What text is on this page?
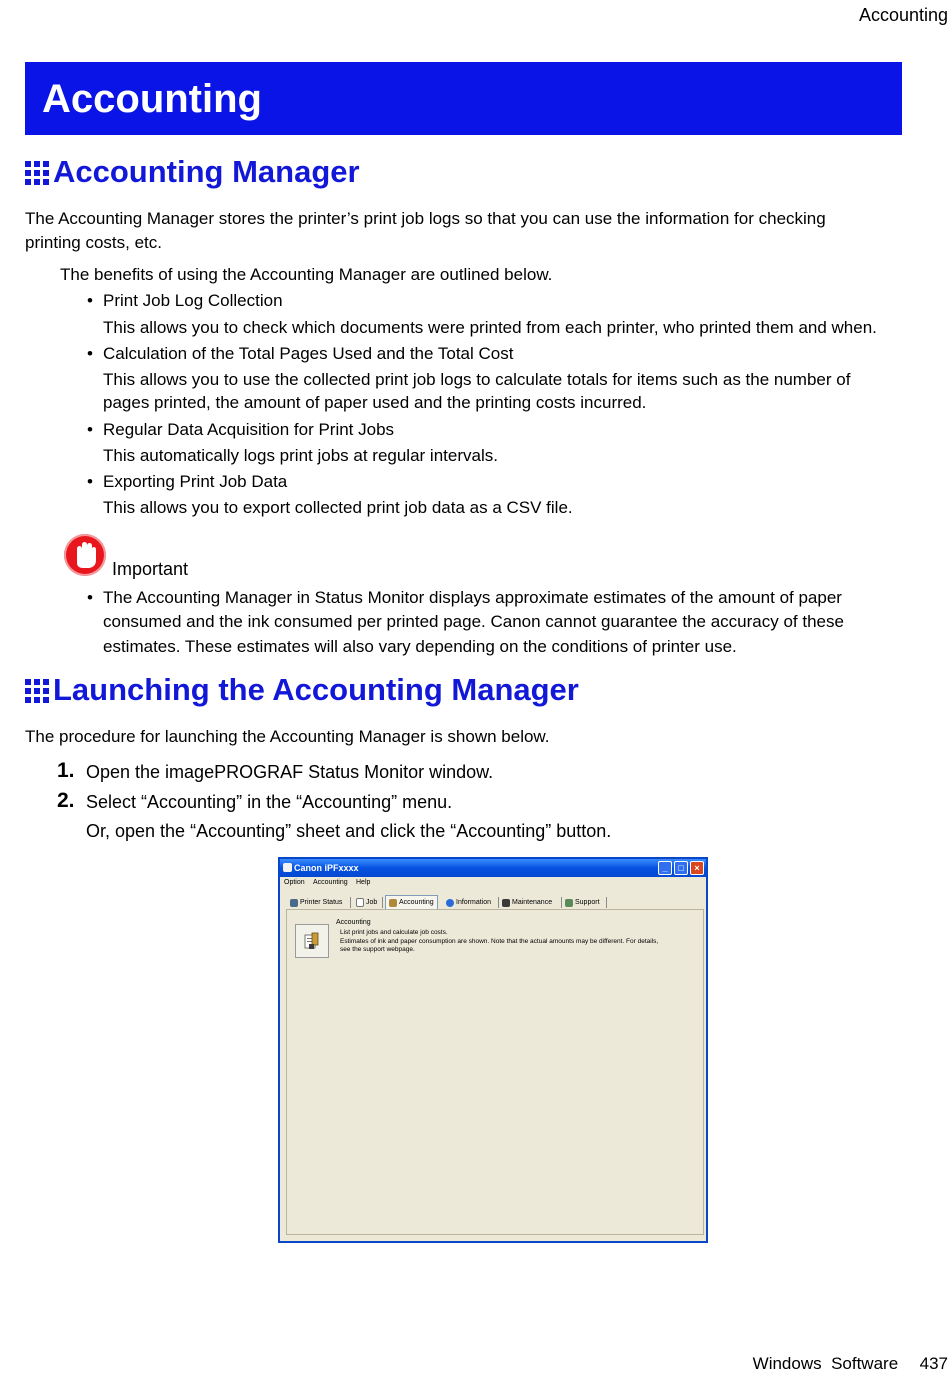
Accounting
Accounting
Accounting Manager
The Accounting Manager stores the printer’s print job logs so that you can use the information for checking
printing costs, etc.
The benefits of using the Accounting Manager are outlined below.
• Print Job Log Collection
This allows you to check which documents were printed from each printer, who printed them and when.
• Calculation of the Total Pages Used and the Total Cost
This allows you to use the collected print job logs to calculate totals for items such as the number of
pages printed, the amount of paper used and the printing costs incurred.
• Regular Data Acquisition for Print Jobs
This automatically logs print jobs at regular intervals.
• Exporting Print Job Data
This allows you to export collected print job data as a CSV file.
Important
• The Accounting Manager in Status Monitor displays approximate estimates of the amount of paper
consumed and the ink consumed per printed page. Canon cannot guarantee the accuracy of these
estimates. These estimates will also vary depending on the conditions of printer use.
Launching the Accounting Manager
The procedure for launching the Accounting Manager is shown below.
1. Open the imagePROGRAF Status Monitor window.
2. Select “Accounting” in the “Accounting” menu.
Or, open the “Accounting” sheet and click the “Accounting” button.
Canon iPFxxxx	_	□	×
Option Accounting Help
Printer Status	Job	Accounting	Information	Maintenance	Support
Accounting
List print jobs and calculate job costs.
Estimates of ink and paper consumption are shown. Note that the actual amounts may be different. For details,
see the support webpage.
Windows  Software 437
